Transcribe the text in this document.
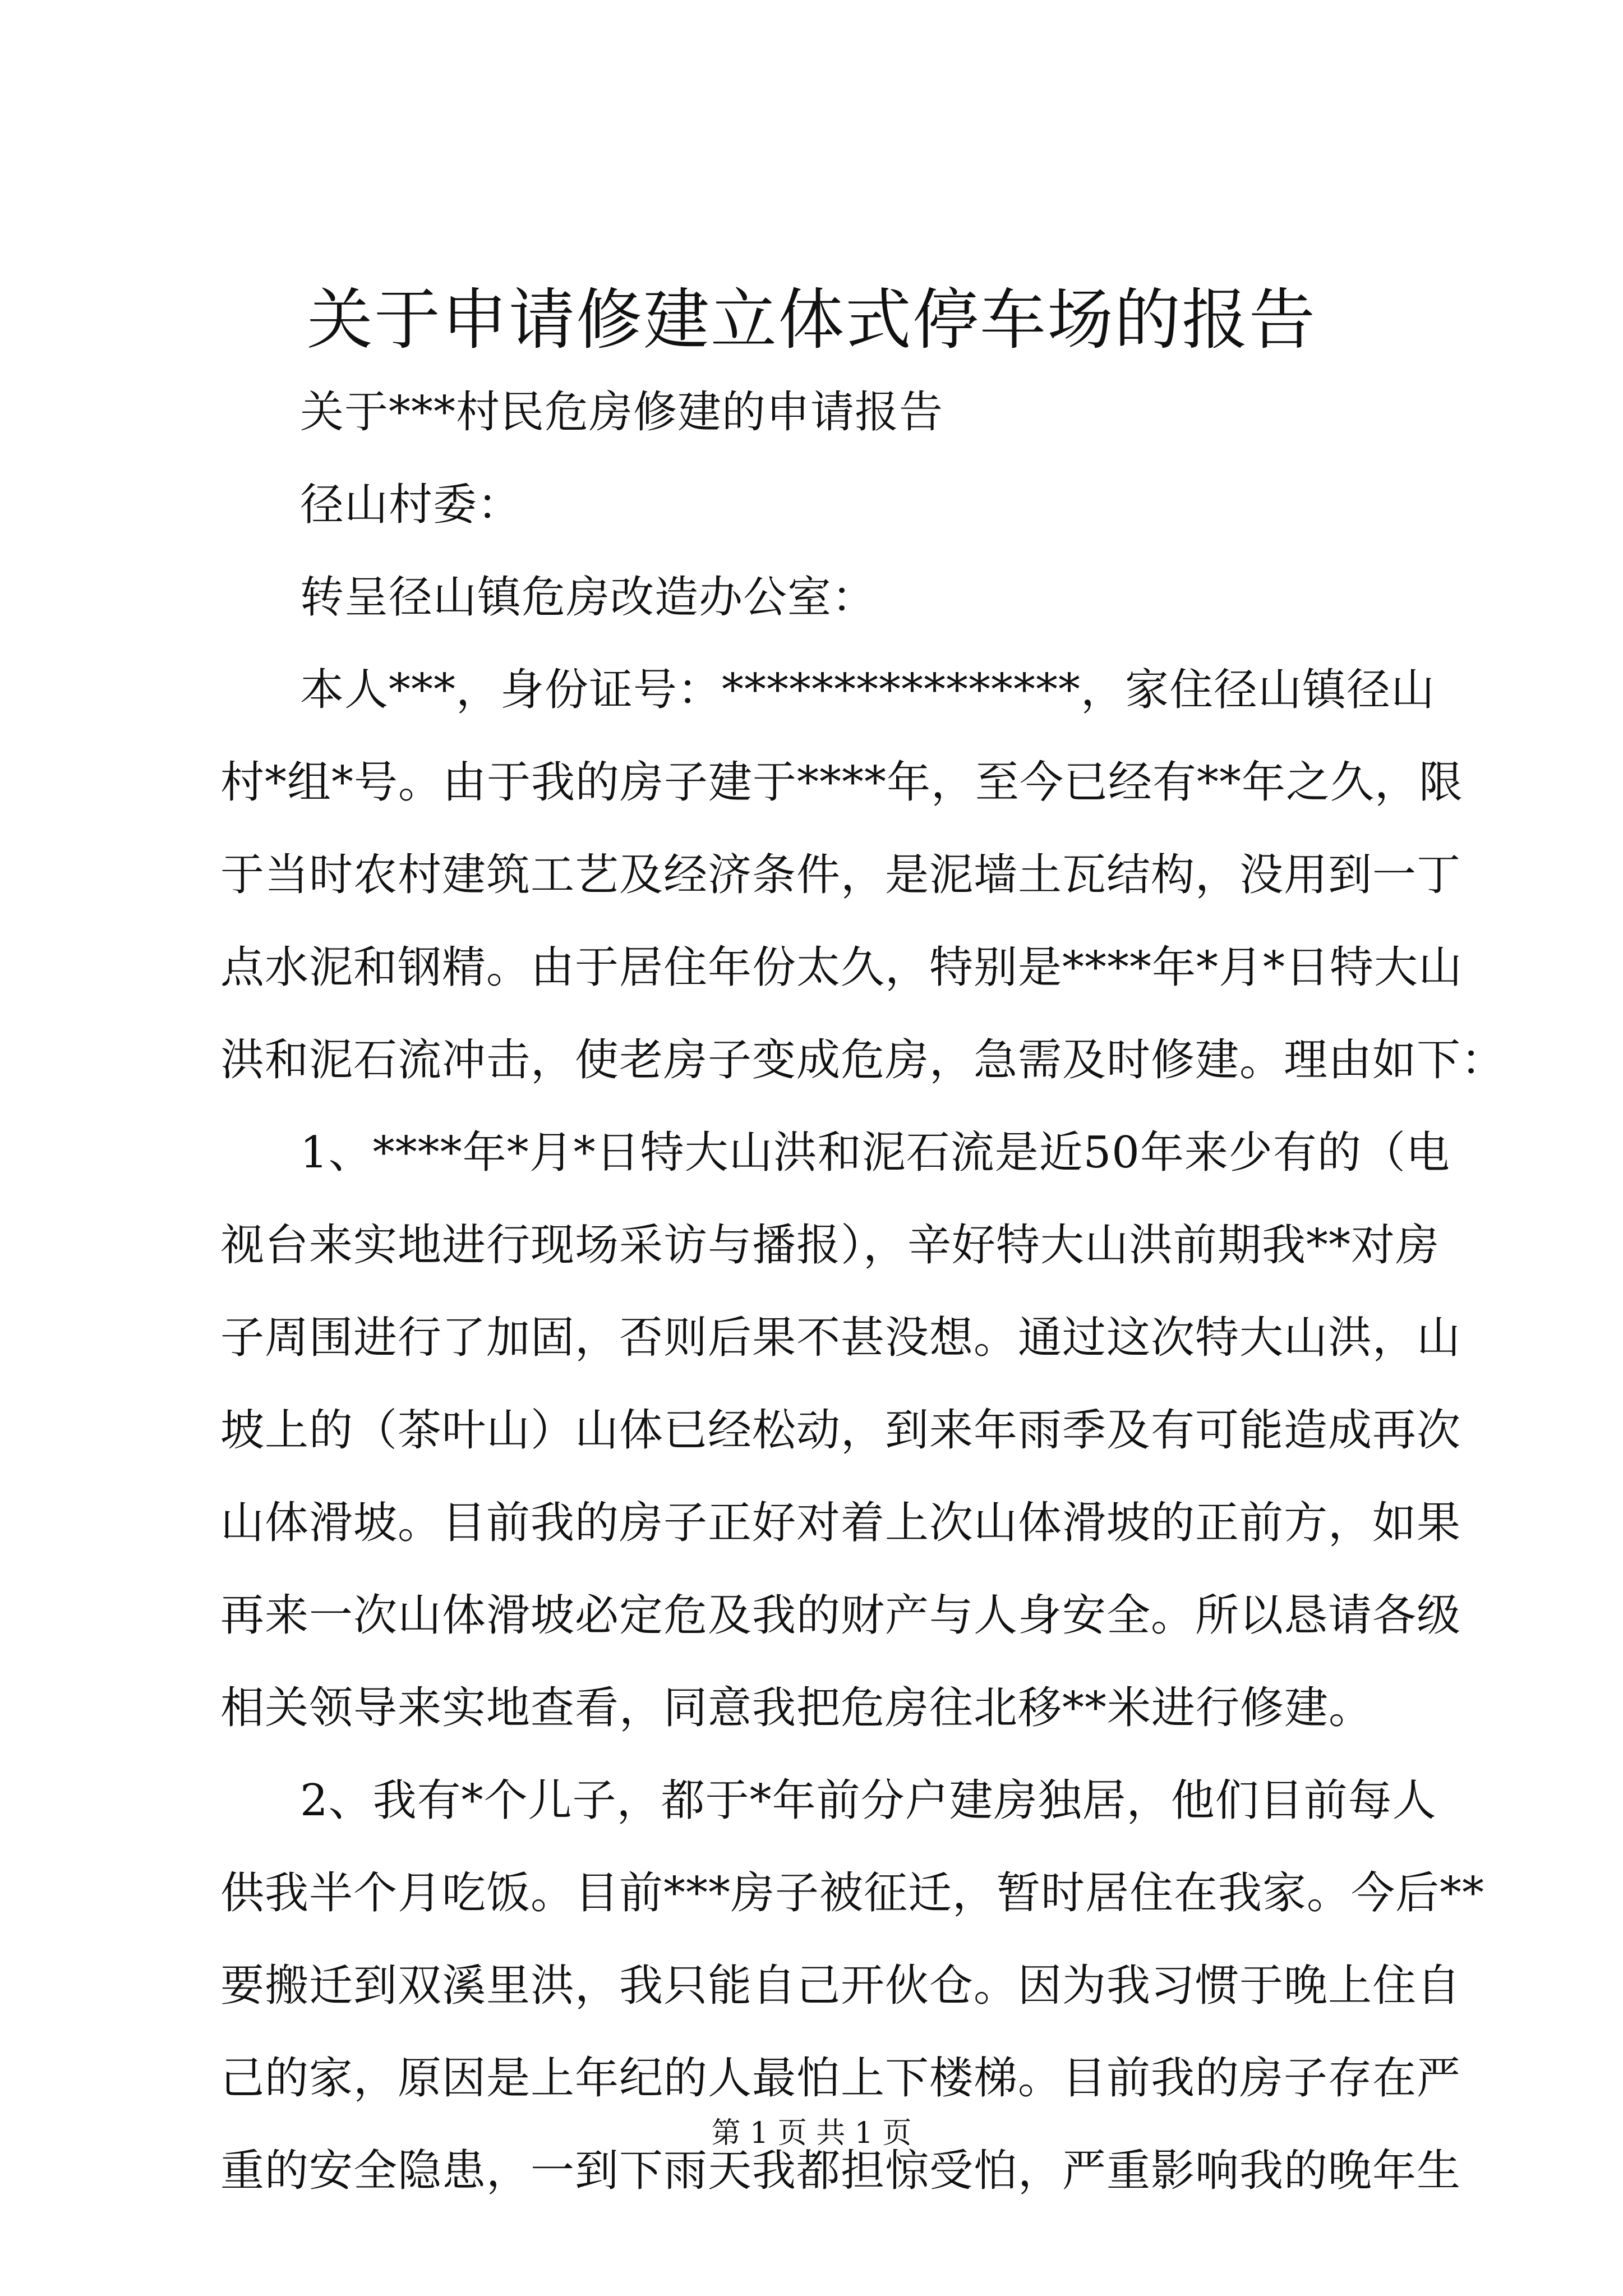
关于申请修建立体式停车场的报告
关于***村民危房修建的申请报告
径山村委：
转呈径山镇危房改造办公室：
本人***，身份证号：****************，家住径山镇径山
村*组*号。由于我的房子建于****年，至今已经有**年之久，限
于当时农村建筑工艺及经济条件，是泥墙土瓦结构，没用到一丁
点水泥和钢精。由于居住年份太久，特别是****年*月*日特大山
洪和泥石流冲击，使老房子变成危房，急需及时修建。理由如下：
1、****年*月*日特大山洪和泥石流是近50年来少有的（电
视台来实地进行现场采访与播报），辛好特大山洪前期我**对房
子周围进行了加固，否则后果不甚没想。通过这次特大山洪，山
坡上的（茶叶山）山体已经松动，到来年雨季及有可能造成再次
山体滑坡。目前我的房子正好对着上次山体滑坡的正前方，如果
再来一次山体滑坡必定危及我的财产与人身安全。所以恳请各级
相关领导来实地查看，同意我把危房往北移**米进行修建。
2、我有*个儿子，都于*年前分户建房独居，他们目前每人
供我半个月吃饭。目前***房子被征迁，暂时居住在我家。今后**
要搬迁到双溪里洪，我只能自己开伙仓。因为我习惯于晚上住自
己的家，原因是上年纪的人最怕上下楼梯。目前我的房子存在严
重的安全隐患，一到下雨天我都担惊受怕，严重影响我的晚年生
第 1 页 共 1 页
